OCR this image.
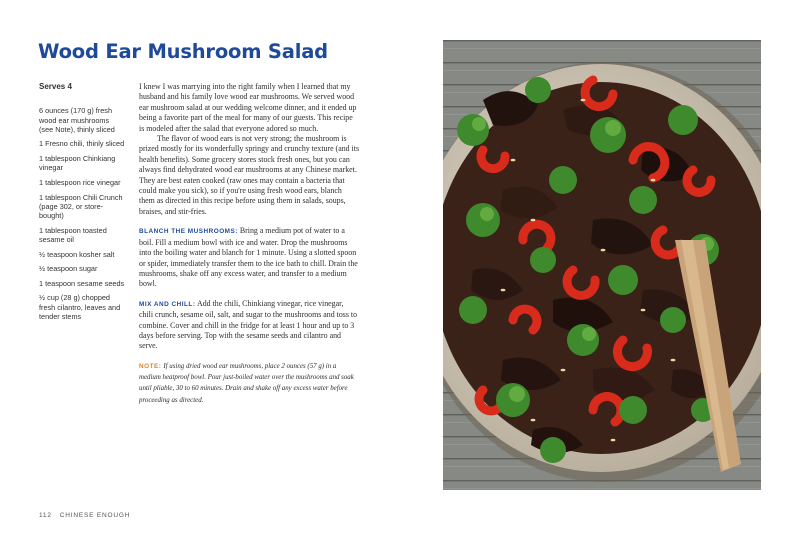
Wood Ear Mushroom Salad

Serves 4

6 ounces (170 g) fresh wood ear mushrooms (see Note), thinly sliced
1 Fresno chili, thinly sliced
1 tablespoon Chinkiang vinegar
1 tablespoon rice vinegar
1 tablespoon Chili Crunch (page 302, or store-bought)
1 tablespoon toasted sesame oil
½ teaspoon kosher salt
½ teaspoon sugar
1 teaspoon sesame seeds
½ cup (28 g) chopped fresh cilantro, leaves and tender stems

I knew I was marrying into the right family when I learned that my husband and his family love wood ear mushrooms. We served wood ear mushroom salad at our wedding welcome dinner, and it ended up being a favorite part of the meal for many of our guests. This recipe is modeled after the salad that everyone adored so much.

The flavor of wood ears is not very strong; the mushroom is prized mostly for its wonderfully springy and crunchy texture (and its health benefits). Some grocery stores stock fresh ones, but you can always find dehydrated wood ear mushrooms at any Chinese market. They are best eaten cooked (raw ones may contain a bacteria that could make you sick), so if you're using fresh wood ears, blanch them as directed in this recipe before using them in salads, soups, braises, and stir-fries.

BLANCH THE MUSHROOMS: Bring a medium pot of water to a boil. Fill a medium bowl with ice and water. Drop the mushrooms into the boiling water and blanch for 1 minute. Using a slotted spoon or spider, immediately transfer them to the ice bath to chill. Drain the mushrooms, shake off any excess water, and transfer to a medium bowl.

MIX AND CHILL: Add the chili, Chinkiang vinegar, rice vinegar, chili crunch, sesame oil, salt, and sugar to the mushrooms and toss to combine. Cover and chill in the fridge for at least 1 hour and up to 3 days before serving. Top with the sesame seeds and cilantro and serve.

NOTE: If using dried wood ear mushrooms, place 2 ounces (57 g) in a medium heatproof bowl. Pour just-boiled water over the mushrooms and soak until pliable, 30 to 60 minutes. Drain and shake off any excess water before proceeding as directed.

112 CHINESE ENOUGH
